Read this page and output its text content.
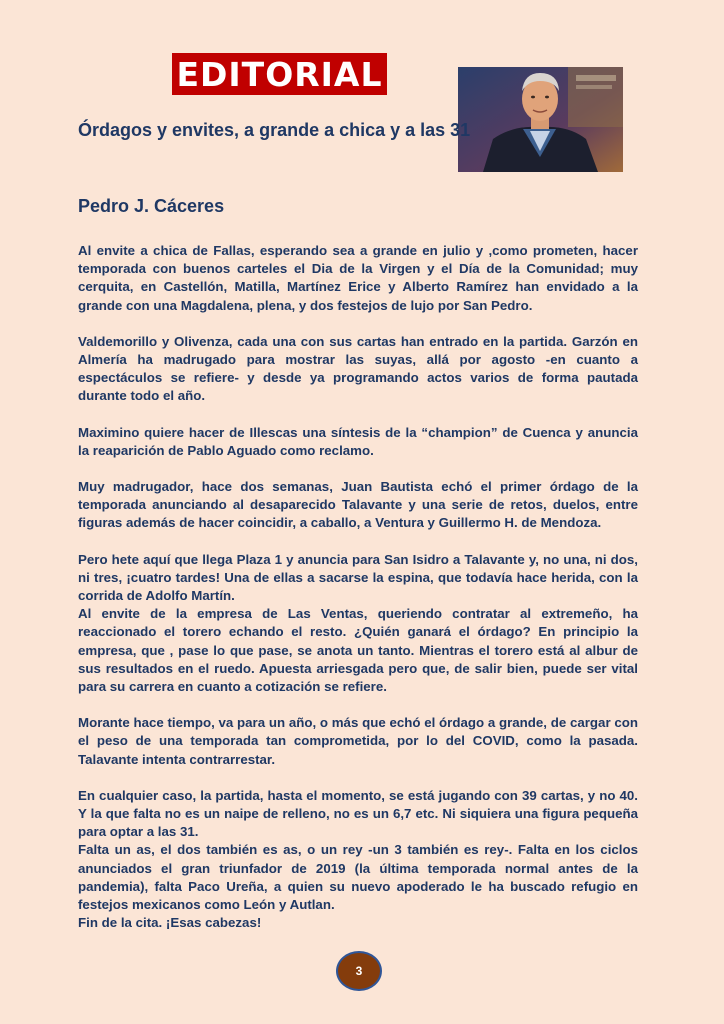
EDITORIAL
Órdagos y envites, a grande a chica y a las 31
Pedro J. Cáceres

Al envite a chica de Fallas, esperando sea a grande en julio y ,como prometen, hacer temporada con buenos carteles el Dia de la Virgen y el Día de la Comunidad; muy cerquita, en Castellón, Matilla, Martínez Erice y Alberto Ramírez han envidado a la grande con una Magdalena, plena, y dos festejos de lujo por San Pedro.

Valdemorillo y Olivenza, cada una con sus cartas han entrado en la partida. Garzón en Almería ha madrugado para mostrar las suyas, allá por agosto -en cuanto a espectáculos se refiere- y desde ya programando actos varios de forma pautada durante todo el año.

Maximino quiere hacer de Illescas una síntesis de la “champion” de Cuenca y anuncia la reaparición de Pablo Aguado como reclamo.

Muy madrugador, hace dos semanas, Juan Bautista echó el primer órdago de la temporada anunciando al desaparecido Talavante y una serie de retos, duelos, entre figuras además de hacer coincidir, a caballo, a Ventura y Guillermo H. de Mendoza.

Pero hete aquí que llega Plaza 1 y anuncia para San Isidro a Talavante y, no una, ni dos, ni tres, ¡cuatro tardes! Una de ellas a sacarse la espina, que todavía hace herida, con la corrida de Adolfo Martín.

Al envite de la empresa de Las Ventas, queriendo contratar al extremeño, ha reaccionado el torero echando el resto. ¿Quién ganará el órdago? En principio la empresa, que , pase lo que pase, se anota un tanto. Mientras el torero está al albur de sus resultados en el ruedo. Apuesta arriesgada pero que, de salir bien, puede ser vital para su carrera en cuanto a cotización se refiere.

Morante hace tiempo, va para un año, o más que echó el órdago a grande, de cargar con el peso de una temporada tan comprometida, por lo del COVID, como la pasada. Talavante intenta contrarrestar.

En cualquier caso, la partida, hasta el momento, se está jugando con 39 cartas, y no 40. Y la que falta no es un naipe de relleno, no es un 6,7 etc. Ni siquiera una figura pequeña para optar a las 31.

Falta un as, el dos también es as, o un rey -un 3 también es rey-. Falta en los ciclos anunciados el gran triunfador de 2019 (la última temporada normal antes de la pandemia), falta Paco Ureña, a quien su nuevo apoderado le ha buscado refugio en festejos mexicanos como León y Autlan.

Fin de la cita. ¡Esas cabezas!

3
